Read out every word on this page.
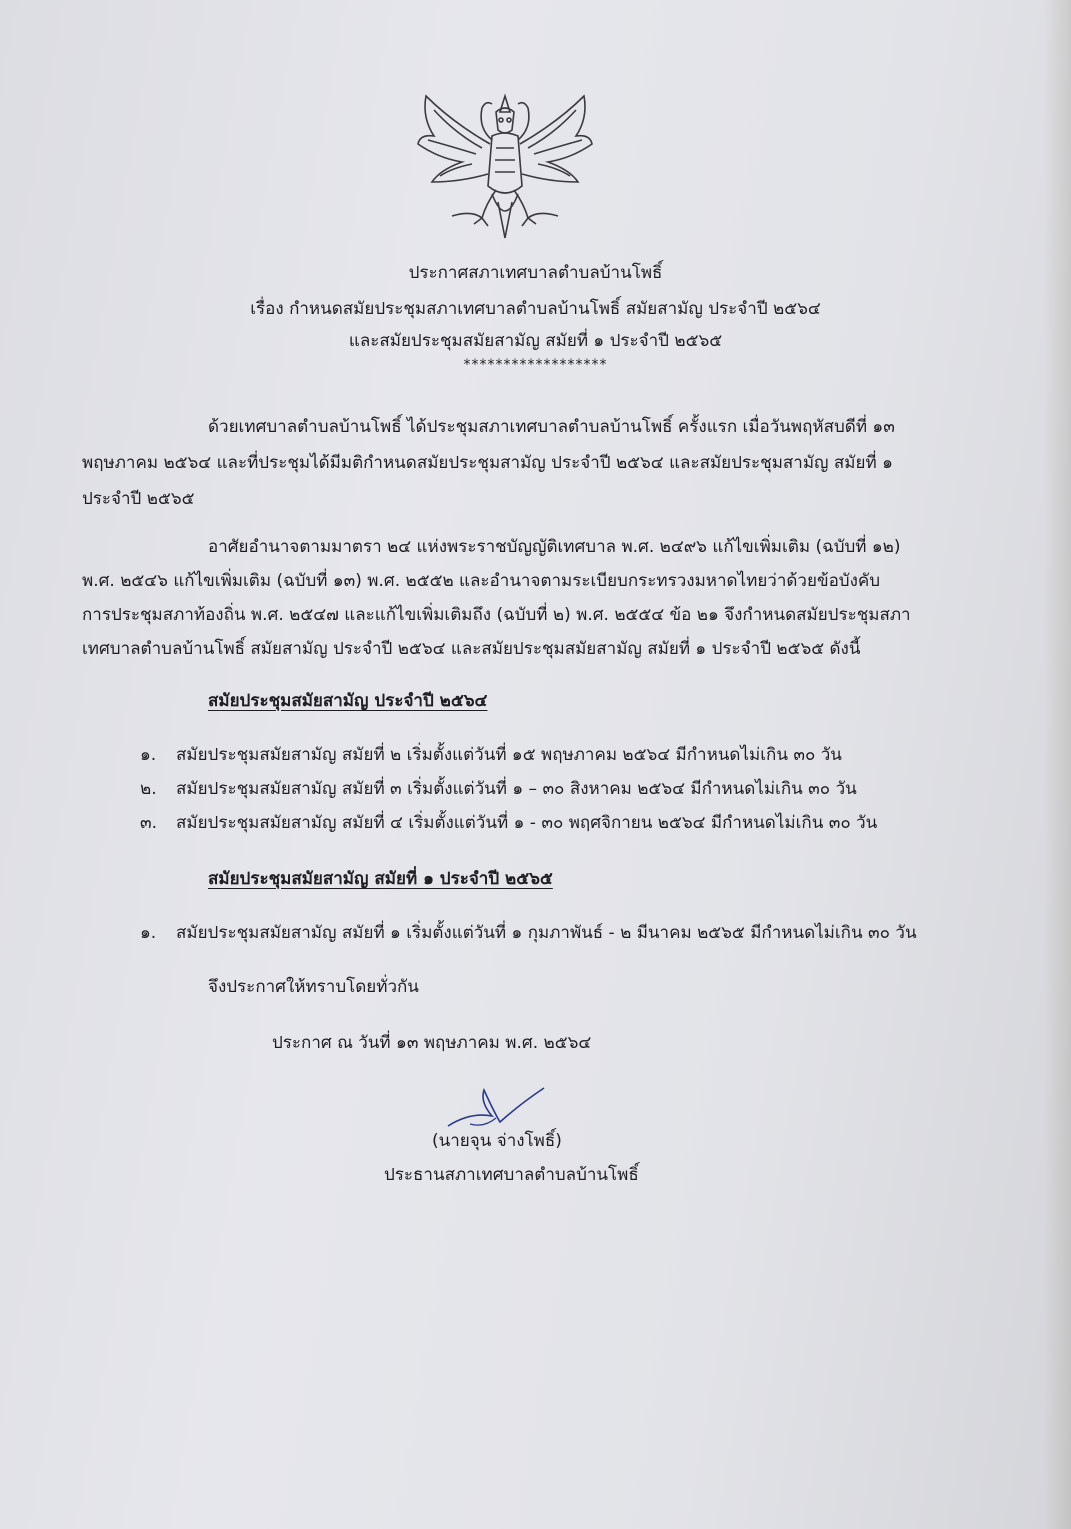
ประกาศสภาเทศบาลตำบลบ้านโพธิ์
เรื่อง กำหนดสมัยประชุมสภาเทศบาลตำบลบ้านโพธิ์ สมัยสามัญ ประจำปี ๒๕๖๔
และสมัยประชุมสมัยสามัญ สมัยที่ ๑ ประจำปี ๒๕๖๕
******************
ด้วยเทศบาลตำบลบ้านโพธิ์ ได้ประชุมสภาเทศบาลตำบลบ้านโพธิ์ ครั้งแรก เมื่อวันพฤหัสบดีที่ ๑๓
พฤษภาคม ๒๕๖๔ และที่ประชุมได้มีมติกำหนดสมัยประชุมสามัญ ประจำปี ๒๕๖๔ และสมัยประชุมสามัญ สมัยที่ ๑
ประจำปี ๒๕๖๕
อาศัยอำนาจตามมาตรา ๒๔ แห่งพระราชบัญญัติเทศบาล พ.ศ. ๒๔๙๖ แก้ไขเพิ่มเติม (ฉบับที่ ๑๒)
พ.ศ. ๒๕๔๖ แก้ไขเพิ่มเติม (ฉบับที่ ๑๓) พ.ศ. ๒๕๕๒ และอำนาจตามระเบียบกระทรวงมหาดไทยว่าด้วยข้อบังคับ
การประชุมสภาท้องถิ่น พ.ศ. ๒๕๔๗ และแก้ไขเพิ่มเติมถึง (ฉบับที่ ๒) พ.ศ. ๒๕๕๔ ข้อ ๒๑ จึงกำหนดสมัยประชุมสภา
เทศบาลตำบลบ้านโพธิ์ สมัยสามัญ ประจำปี ๒๕๖๔ และสมัยประชุมสมัยสามัญ สมัยที่ ๑ ประจำปี ๒๕๖๕ ดังนี้
สมัยประชุมสมัยสามัญ ประจำปี ๒๕๖๔
๑. สมัยประชุมสมัยสามัญ สมัยที่ ๒ เริ่มตั้งแต่วันที่ ๑๕ พฤษภาคม ๒๕๖๔ มีกำหนดไม่เกิน ๓๐ วัน
๒. สมัยประชุมสมัยสามัญ สมัยที่ ๓ เริ่มตั้งแต่วันที่ ๑ – ๓๐ สิงหาคม ๒๕๖๔ มีกำหนดไม่เกิน ๓๐ วัน
๓. สมัยประชุมสมัยสามัญ สมัยที่ ๔ เริ่มตั้งแต่วันที่ ๑ - ๓๐ พฤศจิกายน ๒๕๖๔ มีกำหนดไม่เกิน ๓๐ วัน
สมัยประชุมสมัยสามัญ สมัยที่ ๑ ประจำปี ๒๕๖๕
๑. สมัยประชุมสมัยสามัญ สมัยที่ ๑ เริ่มตั้งแต่วันที่ ๑ กุมภาพันธ์ - ๒ มีนาคม ๒๕๖๕ มีกำหนดไม่เกิน ๓๐ วัน
จึงประกาศให้ทราบโดยทั่วกัน
ประกาศ ณ วันที่ ๑๓ พฤษภาคม พ.ศ. ๒๕๖๔
(นายจุน จ่างโพธิ์)
ประธานสภาเทศบาลตำบลบ้านโพธิ์
